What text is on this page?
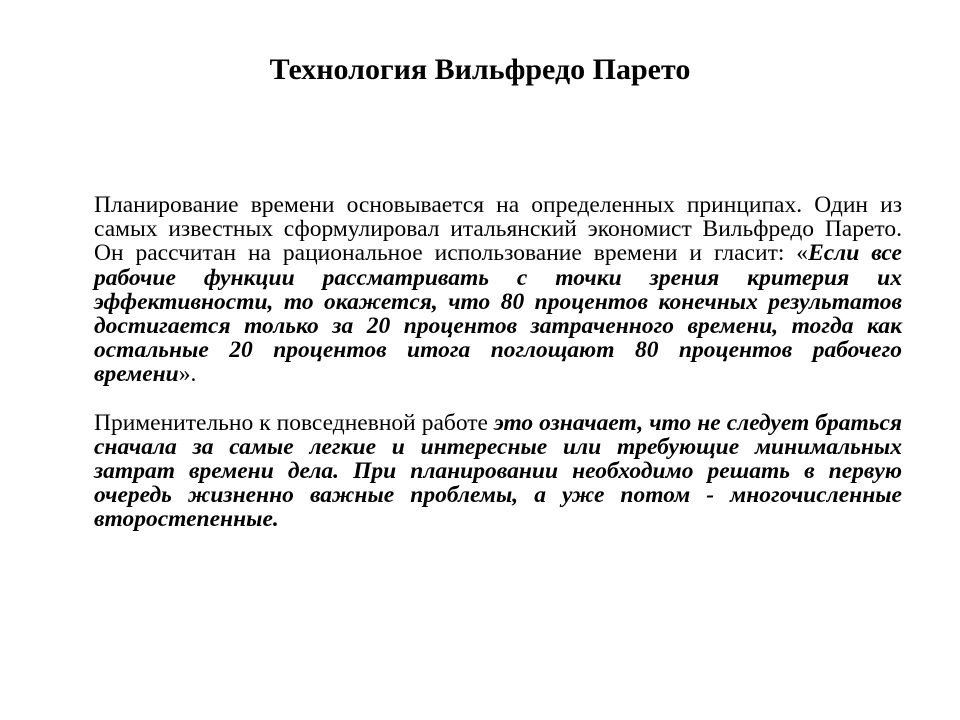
Технология Вильфредо Парето

Планирование времени основывается на определенных принципах. Один из самых известных сформулировал итальянский экономист Вильфредо Парето. Он рассчитан на рациональное использование времени и гласит: «Если все рабочие функции рассматривать с точки зрения критерия их эффективности, то окажется, что 80 процентов конечных результатов достигается только за 20 процентов затраченного времени, тогда как остальные 20 процентов итога поглощают 80 процентов рабочего времени».

Применительно к повседневной работе это означает, что не следует браться сначала за самые легкие и интересные или требующие минимальных затрат времени дела. При планировании необходимо решать в первую очередь жизненно важные проблемы, а уже потом - многочисленные второстепенные.
